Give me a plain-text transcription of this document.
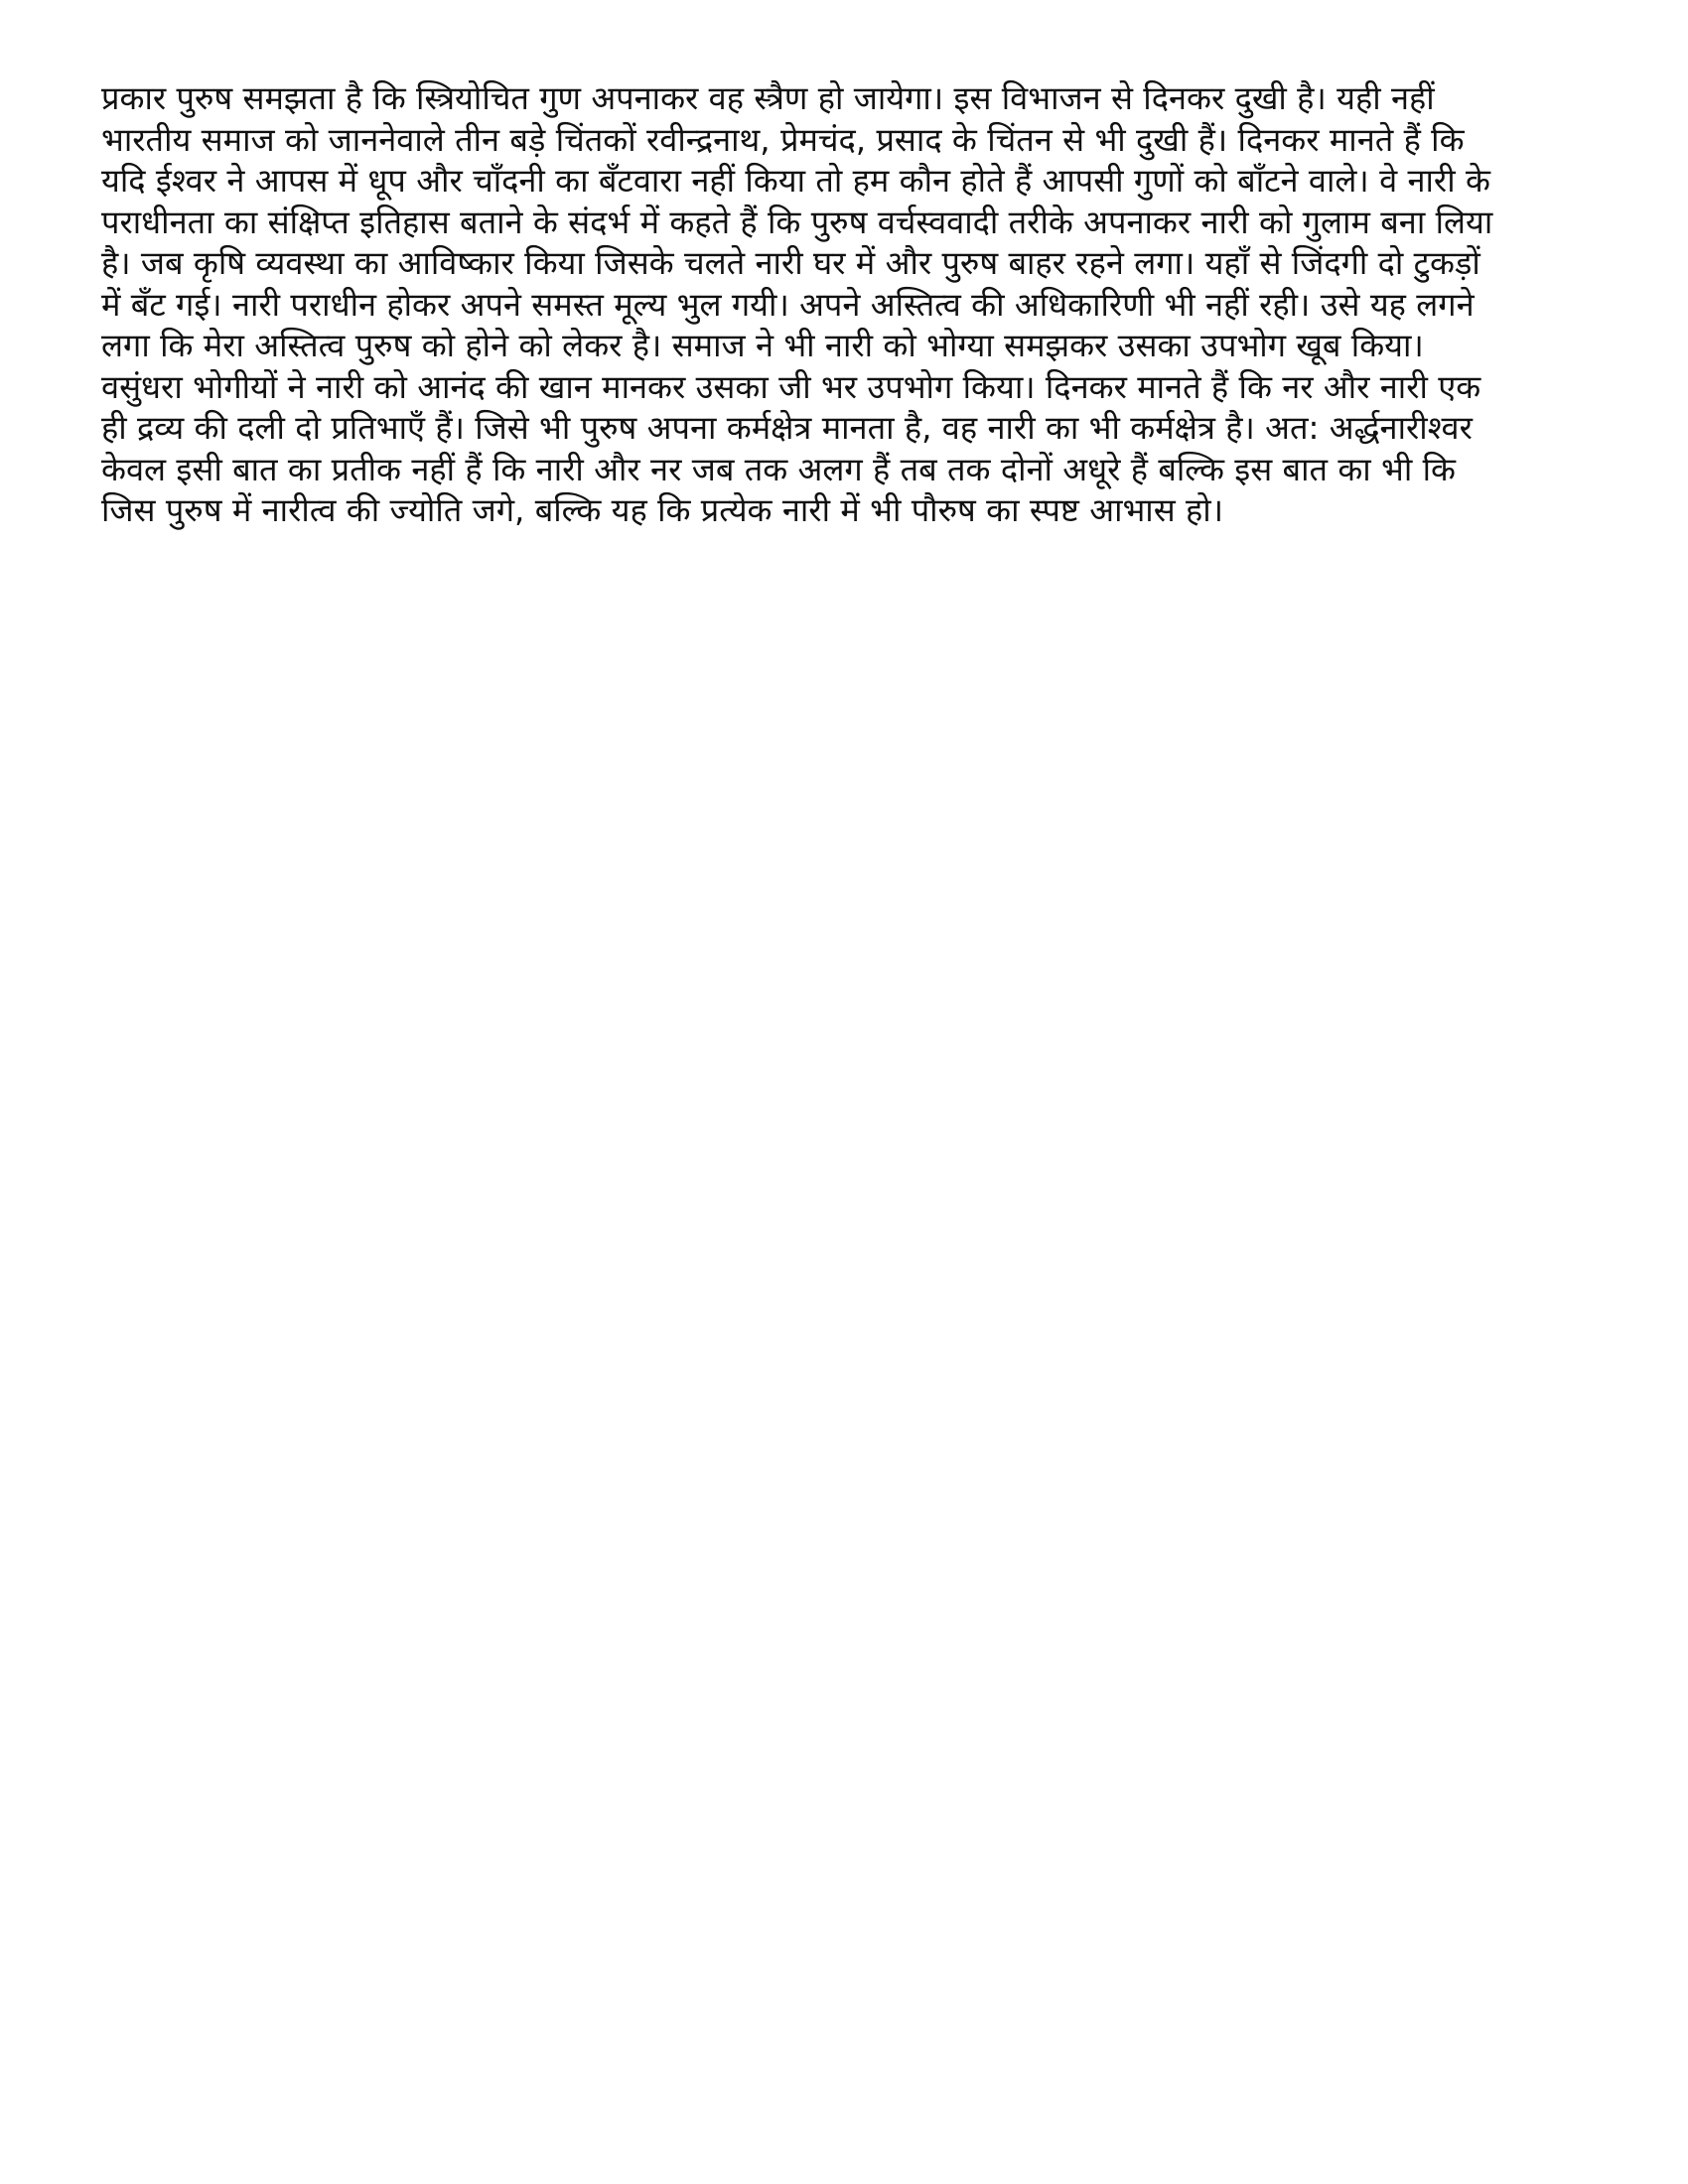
प्रकार पुरुष समझता है कि स्त्रियोचित गुण अपनाकर वह स्त्रैण हो जायेगा। इस विभाजन से दिनकर दुखी है। यही नहीं
भारतीय समाज को जाननेवाले तीन बड़े चिंतकों रवीन्द्रनाथ, प्रेमचंद, प्रसाद के चिंतन से भी दुखी हैं। दिनकर मानते हैं कि
यदि ईश्वर ने आपस में धूप और चाँदनी का बँटवारा नहीं किया तो हम कौन होते हैं आपसी गुणों को बाँटने वाले। वे नारी के
पराधीनता का संक्षिप्त इतिहास बताने के संदर्भ में कहते हैं कि पुरुष वर्चस्ववादी तरीके अपनाकर नारी को गुलाम बना लिया
है। जब कृषि व्यवस्था का आविष्कार किया जिसके चलते नारी घर में और पुरुष बाहर रहने लगा। यहाँ से जिंदगी दो टुकड़ों
में बँट गई। नारी पराधीन होकर अपने समस्त मूल्य भुल गयी। अपने अस्तित्व की अधिकारिणी भी नहीं रही। उसे यह लगने
लगा कि मेरा अस्तित्व पुरुष को होने को लेकर है। समाज ने भी नारी को भोग्या समझकर उसका उपभोग खूब किया।
वसुंधरा भोगीयों ने नारी को आनंद की खान मानकर उसका जी भर उपभोग किया। दिनकर मानते हैं कि नर और नारी एक
ही द्रव्य की दली दो प्रतिभाएँ हैं। जिसे भी पुरुष अपना कर्मक्षेत्र मानता है, वह नारी का भी कर्मक्षेत्र है। अत: अर्द्धनारीश्वर
केवल इसी बात का प्रतीक नहीं हैं कि नारी और नर जब तक अलग हैं तब तक दोनों अधूरे हैं बल्कि इस बात का भी कि
जिस पुरुष में नारीत्व की ज्योति जगे, बल्कि यह कि प्रत्येक नारी में भी पौरुष का स्पष्ट आभास हो।
